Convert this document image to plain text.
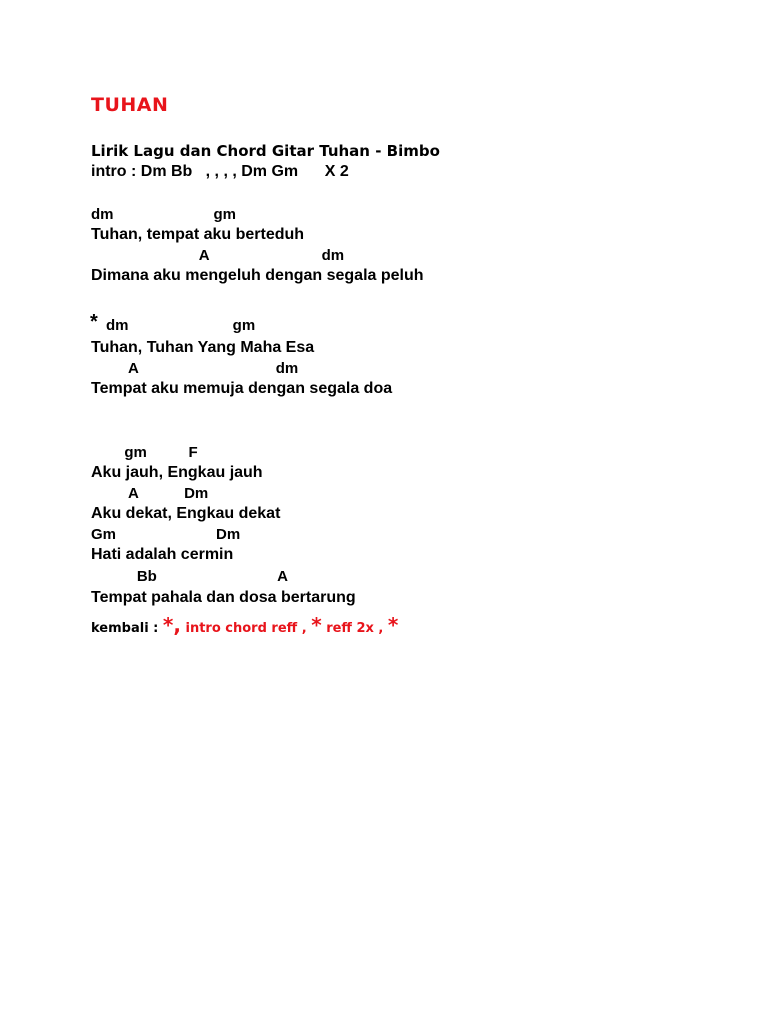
TUHAN
Lirik Lagu dan Chord Gitar Tuhan - Bimbo
intro : Dm Bb   , , , , Dm Gm      X 2
dm                        gm
Tuhan, tempat aku berteduh
A                           dm
Dimana aku mengeluh dengan segala peluh
* dm                         gm
Tuhan, Tuhan Yang Maha Esa
A                                 dm
Tempat aku memuja dengan segala doa
gm          F
Aku jauh, Engkau jauh
A           Dm
Aku dekat, Engkau dekat
Gm                        Dm
Hati adalah cermin
Bb                             A
Tempat pahala dan dosa bertarung
kembali : *, intro chord reff , * reff 2x , *
